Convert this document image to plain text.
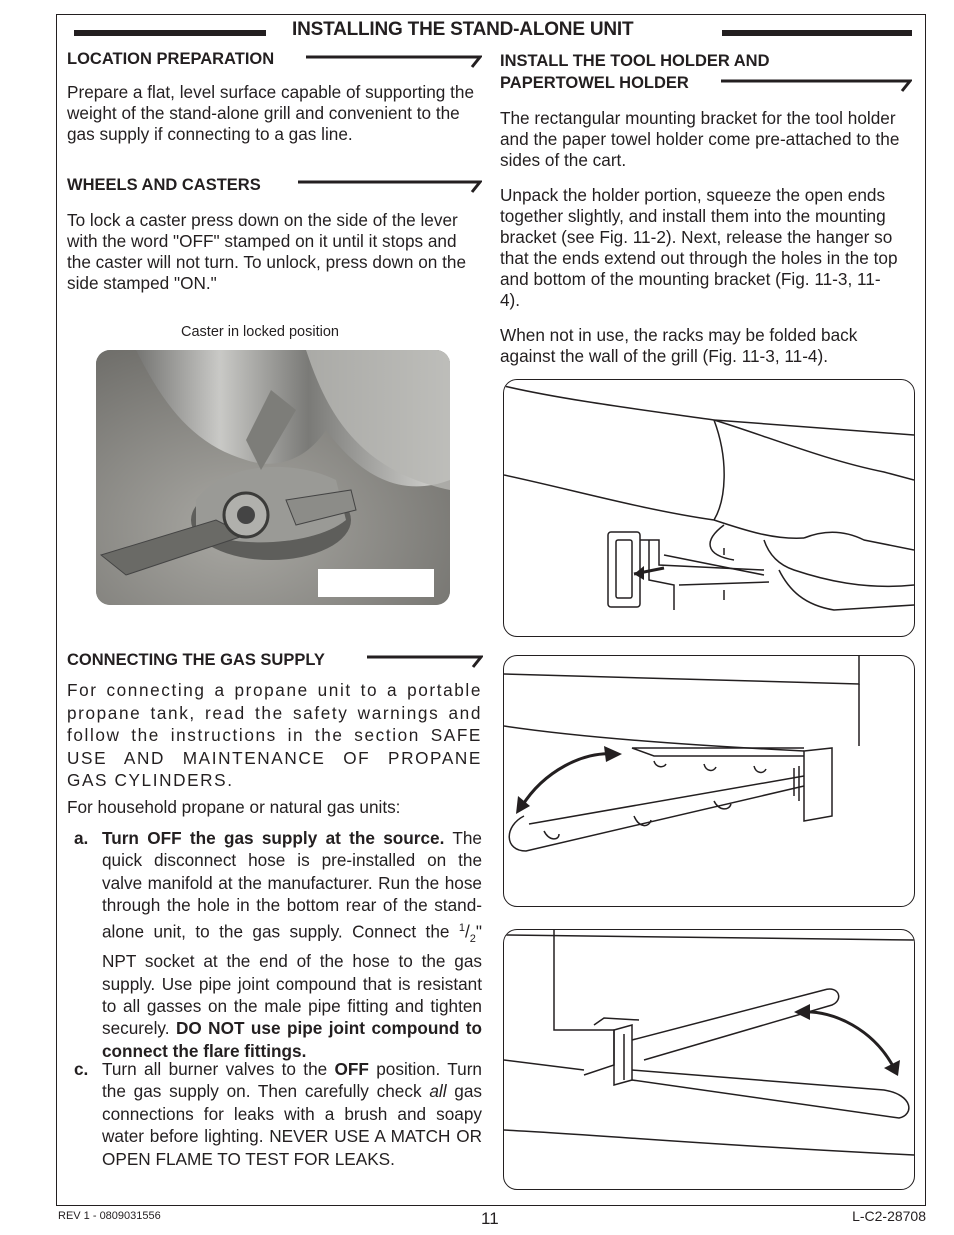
INSTALLING THE STAND-ALONE UNIT
LOCATION PREPARATION

Prepare a flat, level surface capable of supporting the weight of the stand-alone grill and convenient to the gas supply if connecting to a gas line.

WHEELS AND CASTERS

To lock a caster press down on the side of the lever with the word "OFF" stamped on it until it stops and the caster will not turn. To unlock, press down on the side stamped "ON."

Caster in locked position
CONNECTING THE GAS SUPPLY

For connecting a propane unit to a portable propane tank, read the safety warnings and follow the instructions in the section SAFE USE AND MAINTENANCE OF PROPANE GAS CYLINDERS.

For household propane or natural gas units:

a. Turn OFF the gas supply at the source. The quick disconnect hose is pre-installed on the valve manifold at the manufacturer. Run the hose through the hole in the bottom rear of the stand-alone unit, to the gas supply. Connect the $^1/_2$" NPT socket at the end of the hose to the gas supply. Use pipe joint compound that is resistant to all gasses on the male pipe fitting and tighten securely. DO NOT use pipe joint compound to connect the flare fittings.
c. Turn all burner valves to the OFF position. Turn the gas supply on. Then carefully check all gas connections for leaks with a brush and soapy water before lighting. NEVER USE A MATCH OR OPEN FLAME TO TEST FOR LEAKS.
INSTALL THE TOOL HOLDER AND
PAPERTOWEL HOLDER

The rectangular mounting bracket for the tool holder and the paper towel holder come pre-attached to the sides of the cart.

Unpack the holder portion, squeeze the open ends together slightly, and install them into the mounting bracket (see Fig. 11-2). Next, release the hanger so that the ends extend out through the holes in the top and bottom of the mounting bracket (Fig. 11-3, 11-4).

When not in use, the racks may be folded back against the wall of the grill (Fig. 11-3, 11-4).

REV 1 - 0809031556	11	L-C2-28708
